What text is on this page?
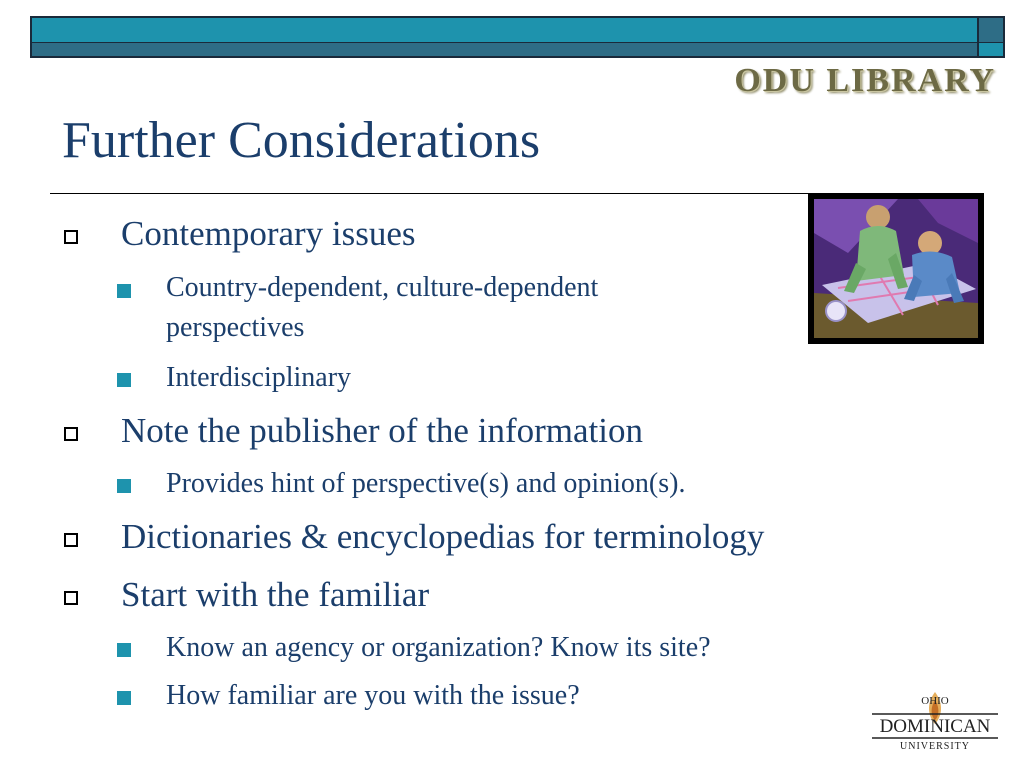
ODU LIBRARY
Further Considerations

Contemporary issues

Country-dependent, culture-dependent perspectives

Interdisciplinary

Note the publisher of the information

Provides hint of perspective(s) and opinion(s).

Dictionaries & encyclopedias for terminology

Start with the familiar

Know an agency or organization? Know its site?

How familiar are you with the issue?	OHIO
DOMINICAN
UNIVERSITY
